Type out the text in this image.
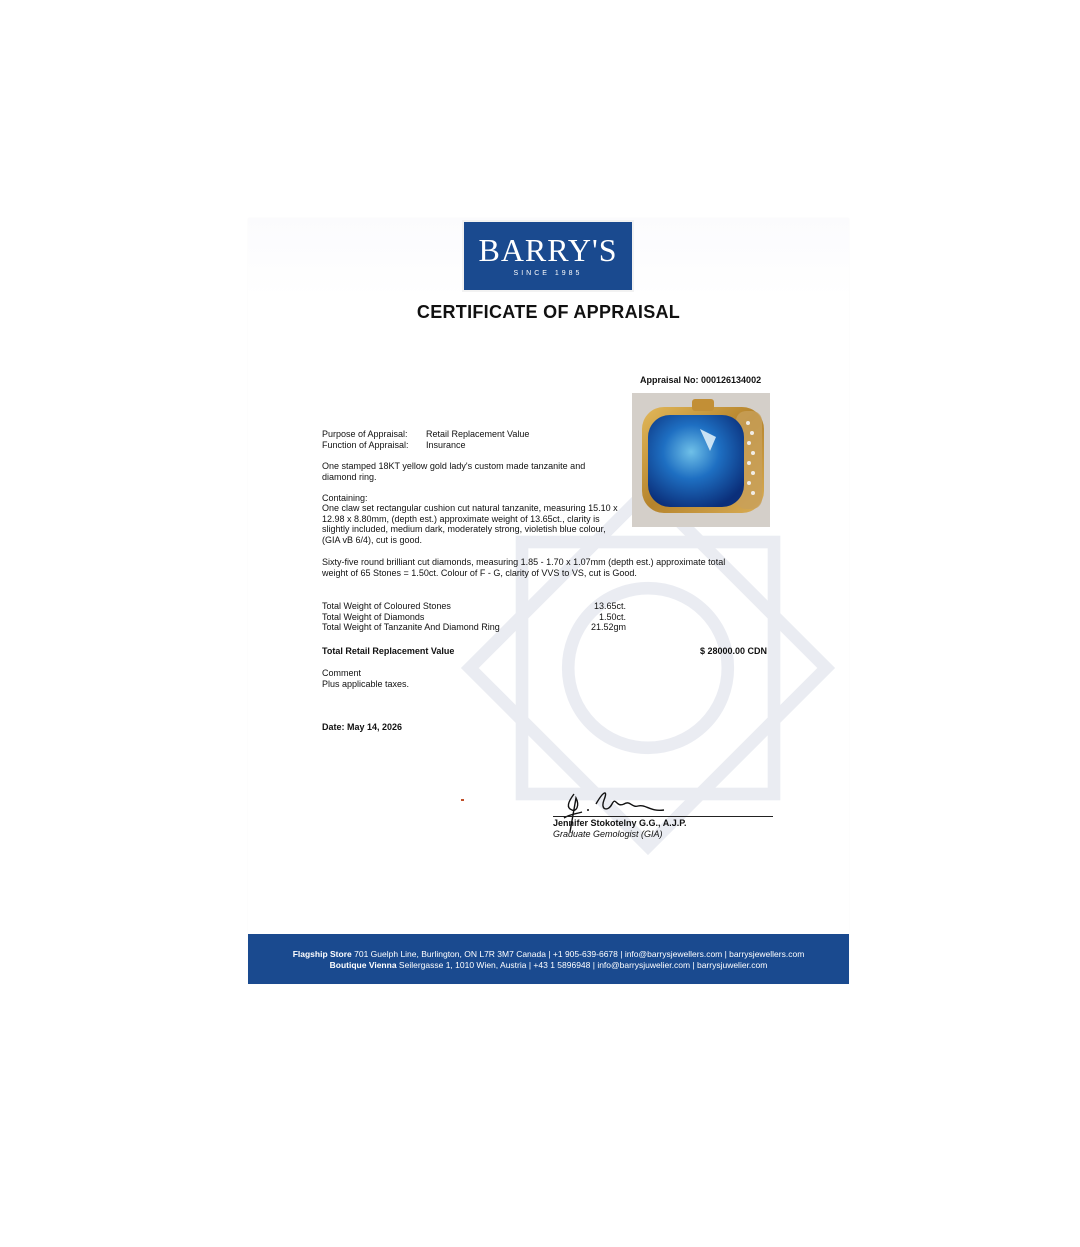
BARRY'S
SINCE 1985
CERTIFICATE OF APPRAISAL
Appraisal No: 000126134002
Purpose of Appraisal:	Retail Replacement Value
Function of Appraisal:	Insurance
One stamped 18KT yellow gold lady's custom made tanzanite and diamond ring.
Containing:
One claw set rectangular cushion cut natural tanzanite, measuring 15.10 x 12.98 x 8.80mm, (depth est.) approximate weight of 13.65ct., clarity is slightly included, medium dark, moderately strong, violetish blue colour, (GIA vB 6/4), cut is good.
Sixty-five round brilliant cut diamonds, measuring 1.85 - 1.70 x 1.07mm (depth est.) approximate total weight of 65 Stones = 1.50ct. Colour of F - G, clarity of VVS to VS, cut is Good.
Total Weight of Coloured Stones	13.65ct.
Total Weight of Diamonds	1.50ct.
Total Weight of Tanzanite And Diamond Ring	21.52gm
Total Retail Replacement Value	$ 28000.00 CDN
Comment
Plus applicable taxes.
Date: May 14, 2026
Jennifer Stokotelny G.G., A.J.P.
Graduate Gemologist (GIA)
Flagship Store 701 Guelph Line, Burlington, ON L7R 3M7 Canada | +1 905-639-6678 | info@barrysjewellers.com | barrysjewellers.com
Boutique Vienna Seilergasse 1, 1010 Wien, Austria | +43 1 5896948 | info@barrysjuwelier.com | barrysjuwelier.com
